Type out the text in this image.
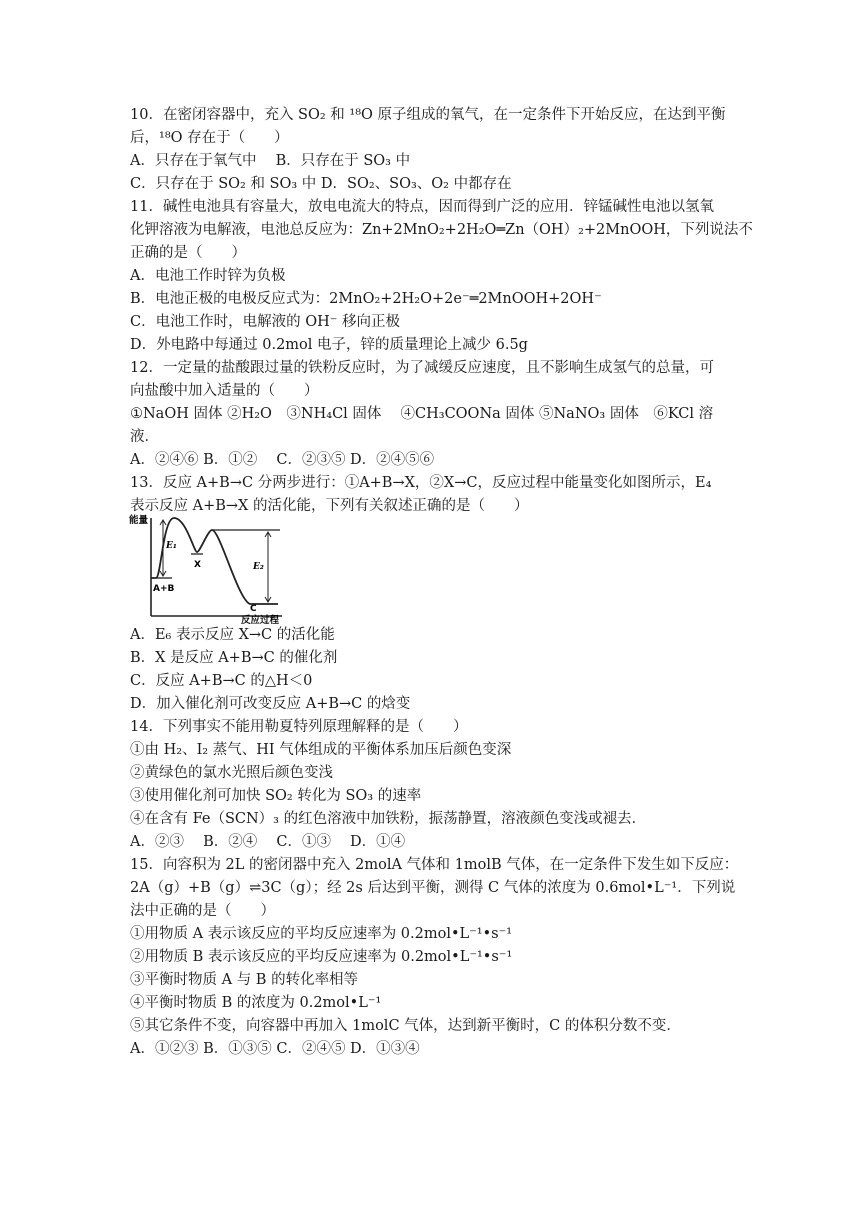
10．在密闭容器中，充入 SO₂ 和 ¹⁸O 原子组成的氧气，在一定条件下开始反应，在达到平衡
后，¹⁸O 存在于（　　）
A．只存在于氧气中　 B．只存在于 SO₃ 中
C．只存在于 SO₂ 和 SO₃ 中 D．SO₂、SO₃、O₂ 中都存在
11．碱性电池具有容量大，放电电流大的特点，因而得到广泛的应用．锌锰碱性电池以氢氧
化钾溶液为电解液，电池总反应为：Zn+2MnO₂+2H₂O═Zn（OH）₂+2MnOOH，下列说法不
正确的是（　　）
A．电池工作时锌为负极
B．电池正极的电极反应式为：2MnO₂+2H₂O+2e⁻═2MnOOH+2OH⁻
C．电池工作时，电解液的 OH⁻ 移向正极
D．外电路中每通过 0.2mol 电子，锌的质量理论上减少 6.5g
12．一定量的盐酸跟过量的铁粉反应时，为了减缓反应速度，且不影响生成氢气的总量，可
向盐酸中加入适量的（　　）
①NaOH 固体 ②H₂O　③NH₄Cl 固体　 ④CH₃COONa 固体 ⑤NaNO₃ 固体　⑥KCl 溶
液．
A．②④⑥ B．①②　 C．②③⑤ D．②④⑤⑥
13．反应 A+B→C 分两步进行：①A+B→X，②X→C，反应过程中能量变化如图所示，E₄
表示反应 A+B→X 的活化能，下列有关叙述正确的是（　　）
能量
E₁
E₂
A+B
X
C
反应过程
A．E₆ 表示反应 X→C 的活化能
B．X 是反应 A+B→C 的催化剂
C．反应 A+B→C 的△H＜0
D．加入催化剂可改变反应 A+B→C 的焓变
14．下列事实不能用勒夏特列原理解释的是（　　）
①由 H₂、I₂ 蒸气、HI 气体组成的平衡体系加压后颜色变深
②黄绿色的氯水光照后颜色变浅
③使用催化剂可加快 SO₂ 转化为 SO₃ 的速率
④在含有 Fe（SCN）₃ 的红色溶液中加铁粉，振荡静置，溶液颜色变浅或褪去．
A．②③　 B．②④　 C．①③　 D．①④
15．向容积为 2L 的密闭器中充入 2molA 气体和 1molB 气体，在一定条件下发生如下反应：
2A（g）+B（g）⇌3C（g）；经 2s 后达到平衡，测得 C 气体的浓度为 0.6mol•L⁻¹．下列说
法中正确的是（　　）
①用物质 A 表示该反应的平均反应速率为 0.2mol•L⁻¹•s⁻¹
②用物质 B 表示该反应的平均反应速率为 0.2mol•L⁻¹•s⁻¹
③平衡时物质 A 与 B 的转化率相等
④平衡时物质 B 的浓度为 0.2mol•L⁻¹
⑤其它条件不变，向容器中再加入 1molC 气体，达到新平衡时，C 的体积分数不变．
A．①②③ B．①③⑤ C．②④⑤ D．①③④
